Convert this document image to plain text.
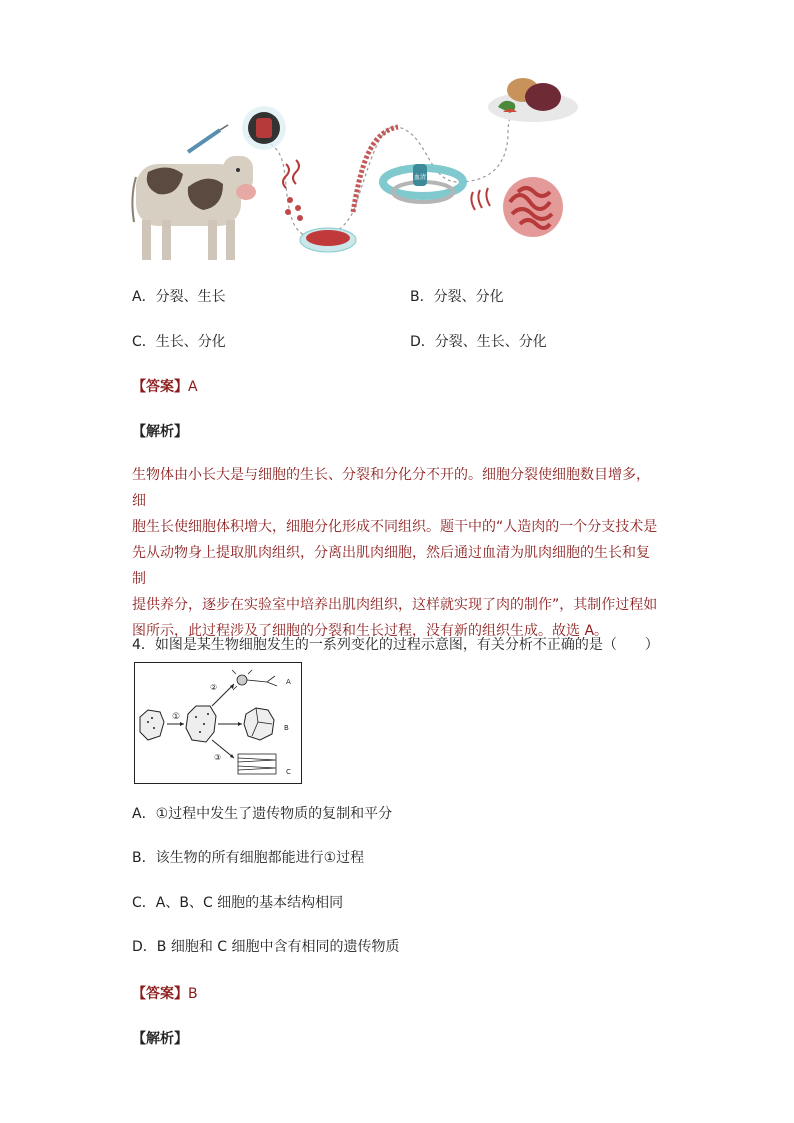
血清
A．分裂、生长	B．分裂、分化
C．生长、分化	D．分裂、生长、分化
【答案】A
【解析】
生物体由小长大是与细胞的生长、分裂和分化分不开的。细胞分裂使细胞数目增多，细
胞生长使细胞体积增大，细胞分化形成不同组织。题干中的“人造肉的一个分支技术是
先从动物身上提取肌肉组织，分离出肌肉细胞，然后通过血清为肌肉细胞的生长和复制
提供养分，逐步在实验室中培养出肌肉组织，这样就实现了肉的制作”，其制作过程如
图所示，此过程涉及了细胞的分裂和生长过程，没有新的组织生成。故选 A。
4．如图是某生物细胞发生的一系列变化的过程示意图，有关分析不正确的是（　　）
①
②
③
A
B
C
A．①过程中发生了遗传物质的复制和平分
B．该生物的所有细胞都能进行①过程
C．A、B、C 细胞的基本结构相同
D．B 细胞和 C 细胞中含有相同的遗传物质
【答案】B
【解析】
